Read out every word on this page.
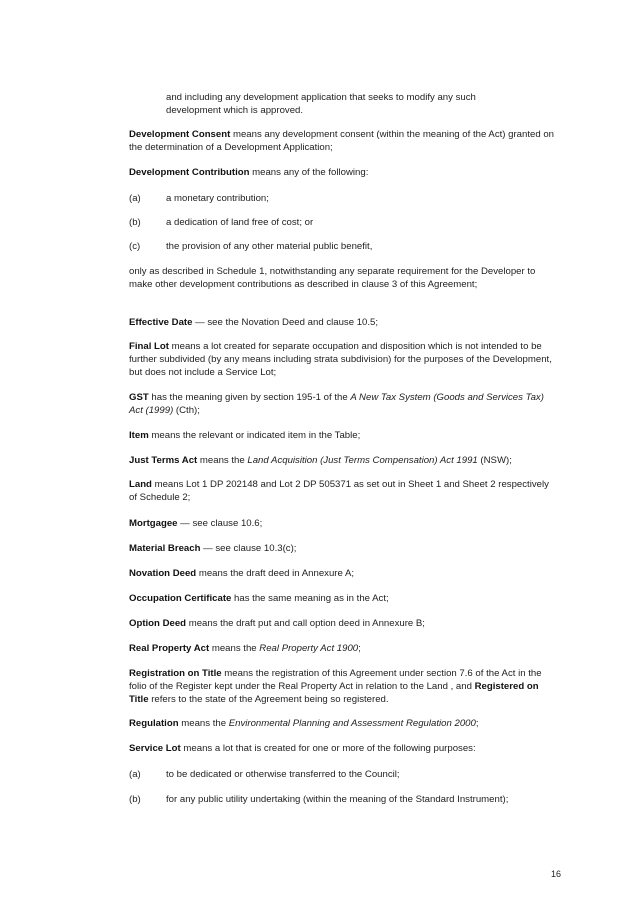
and including any development application that seeks to modify any such
development which is approved.

Development Consent means any development consent (within the meaning of the Act) granted on the determination of a Development Application;

Development Contribution means any of the following:

(a)	a monetary contribution;
(b)	a dedication of land free of cost; or
(c)	the provision of any other material public benefit,

only as described in Schedule 1, notwithstanding any separate requirement for the Developer to make other development contributions as described in clause 3 of this Agreement;

Effective Date — see the Novation Deed and clause 10.5;

Final Lot means a lot created for separate occupation and disposition which is not intended to be further subdivided (by any means including strata subdivision) for the purposes of the Development, but does not include a Service Lot;

GST has the meaning given by section 195-1 of the A New Tax System (Goods and Services Tax) Act (1999) (Cth);

Item means the relevant or indicated item in the Table;

Just Terms Act means the Land Acquisition (Just Terms Compensation) Act 1991 (NSW);

Land means Lot 1 DP 202148 and Lot 2 DP 505371 as set out in Sheet 1 and Sheet 2 respectively of Schedule 2;

Mortgagee — see clause 10.6;

Material Breach — see clause 10.3(c);

Novation Deed means the draft deed in Annexure A;

Occupation Certificate has the same meaning as in the Act;

Option Deed means the draft put and call option deed in Annexure B;

Real Property Act means the Real Property Act 1900;

Registration on Title means the registration of this Agreement under section 7.6 of the Act in the folio of the Register kept under the Real Property Act in relation to the Land , and Registered on Title refers to the state of the Agreement being so registered.

Regulation means the Environmental Planning and Assessment Regulation 2000;

Service Lot means a lot that is created for one or more of the following purposes:

(a)	to be dedicated or otherwise transferred to the Council;
(b)	for any public utility undertaking (within the meaning of the Standard Instrument);
16
